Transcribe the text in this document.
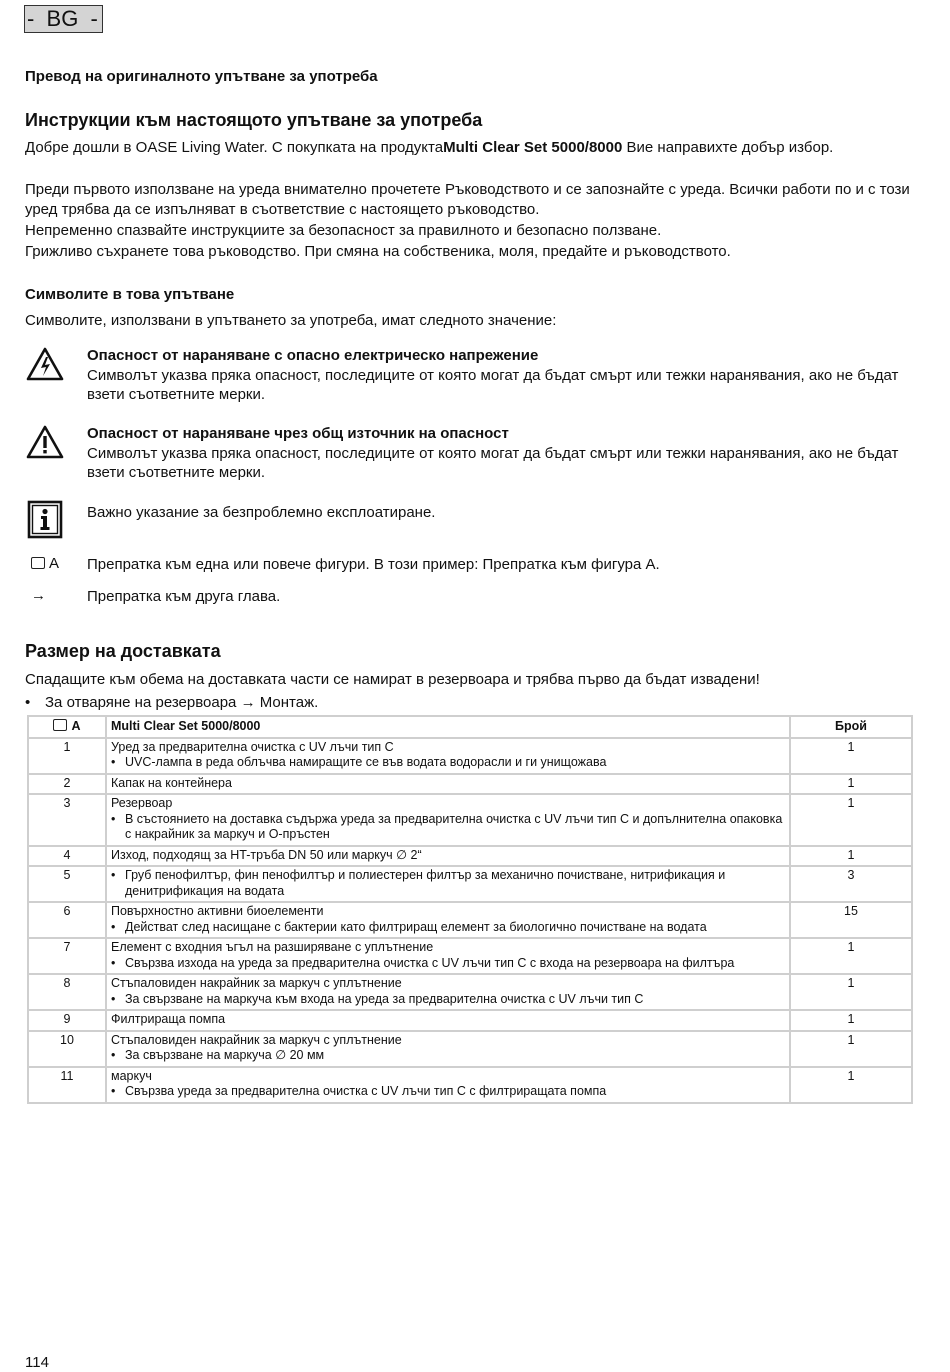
-  BG  -
Превод на оригиналното упътване за употреба
Инструкции към настоящото упътване за употреба
Добре дошли в OASE Living Water. С покупката на продуктаMulti Clear Set 5000/8000 Вие направихте добър избор.
Преди първото използване на уреда внимателно прочетете Ръководството и се запознайте с уреда. Всички работи по и с този уред трябва да се изпълняват в съответствие с настоящето ръководство.
Непременно спазвайте инструкциите за безопасност за правилното и безопасно ползване.
Грижливо съхранете това ръководство. При смяна на собственика, моля, предайте и ръководството.
Символите в това упътване
Символите, използвани в упътването за употреба, имат следното значение:
Опасност от нараняване с опасно електрическо напрежение
Символът указва пряка опасност, последиците от която могат да бъдат смърт или тежки наранявания, ако не бъдат взети съответните мерки.
Опасност от нараняване чрез общ източник на опасност
Символът указва пряка опасност, последиците от която могат да бъдат смърт или тежки наранявания, ако не бъдат взети съответните мерки.
Важно указание за безпроблемно експлоатиране.
A Препратка към една или повече фигури. В този пример: Препратка към фигура A.
→	Препратка към друга глава.
Размер на доставката
Спадащите към обема на доставката части се намират в резервоара и трябва първо да бъдат извадени!
• За отваряне на резервоара → Монтаж.
A	Multi Clear Set 5000/8000	Брой
1	Уред за предварителна очистка с UV лъчи тип C
• UVC-лампа в реда облъчва намиращите се във водата водорасли и ги унищожава	1
2	Капак на контейнера	1
3	Резервоар
• В състоянието на доставка съдържа уреда за предварителна очистка с UV лъчи тип C и допълнителна опаковка с накрайник за маркуч и О-пръстен	1
4	Изход, подходящ за HT-тръба DN 50 или маркуч ∅ 2“	1
5	• Груб пенофилтър, фин пенофилтър и полиестерен филтър за механично почистване, нитрификация и денитрификация на водата	3
6	Повърхностно активни биоелементи
• Действат след насищане с бактерии като филтриращ елемент за биологично почистване на водата	15
7	Елемент с входния ъгъл на разширяване с уплътнение
• Свързва изхода на уреда за предварителна очистка с UV лъчи тип C с входа на резервоара на филтъра	1
8	Стъпаловиден накрайник за маркуч с уплътнение
• За свързване на маркуча към входа на уреда за предварителна очистка с UV лъчи тип C	1
9	Филтрираща помпа	1
10	Стъпаловиден накрайник за маркуч с уплътнение
• За свързване на маркуча ∅ 20 мм	1
11	маркуч
• Свързва уреда за предварителна очистка с UV лъчи тип C с филтриращата помпа	1
114
